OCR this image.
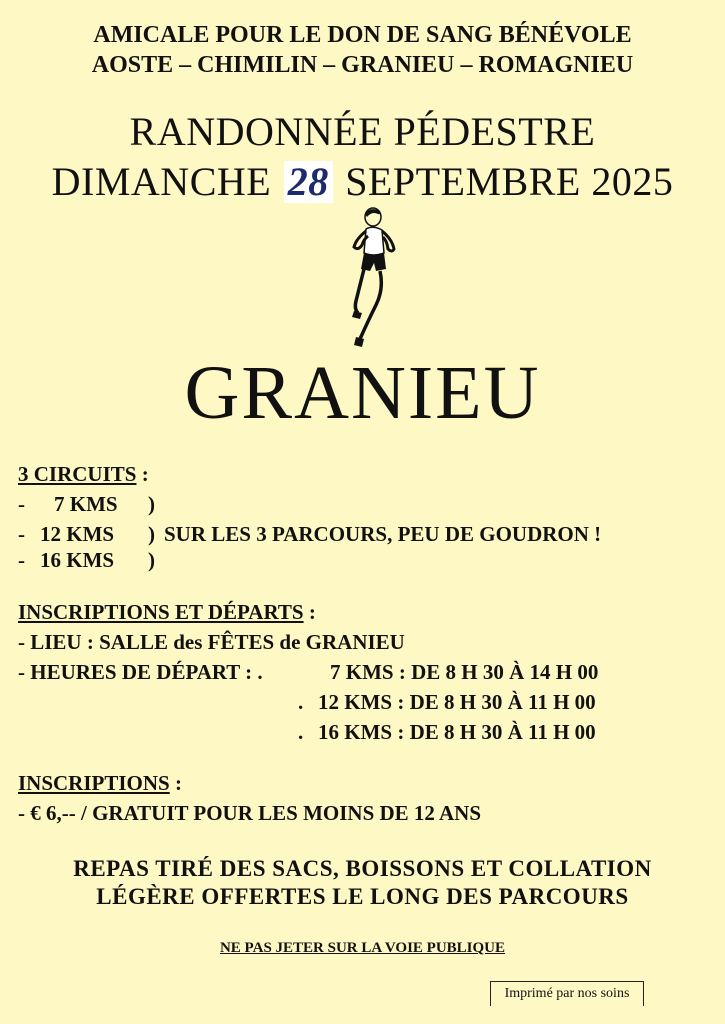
AMICALE POUR LE DON DE SANG BÉNÉVOLE
AOSTE – CHIMILIN – GRANIEU – ROMAGNIEU
RANDONNÉE PÉDESTRE
DIMANCHE 28 SEPTEMBRE 2025
GRANIEU
3 CIRCUITS :
- 7 KMS )
- 12 KMS ) SUR LES 3 PARCOURS, PEU DE GOUDRON !
- 16 KMS )
INSCRIPTIONS ET DÉPARTS :
- LIEU : SALLE des FÊTES de GRANIEU
- HEURES DE DÉPART : .	7 KMS : DE 8 H 30 À 14 H 00
. 12 KMS : DE 8 H 30 À 11 H 00
. 16 KMS : DE 8 H 30 À 11 H 00
INSCRIPTIONS :
- € 6,-- / GRATUIT POUR LES MOINS DE 12 ANS
REPAS TIRÉ DES SACS, BOISSONS ET COLLATION
LÉGÈRE OFFERTES LE LONG DES PARCOURS
NE PAS JETER SUR LA VOIE PUBLIQUE
Imprimé par nos soins
